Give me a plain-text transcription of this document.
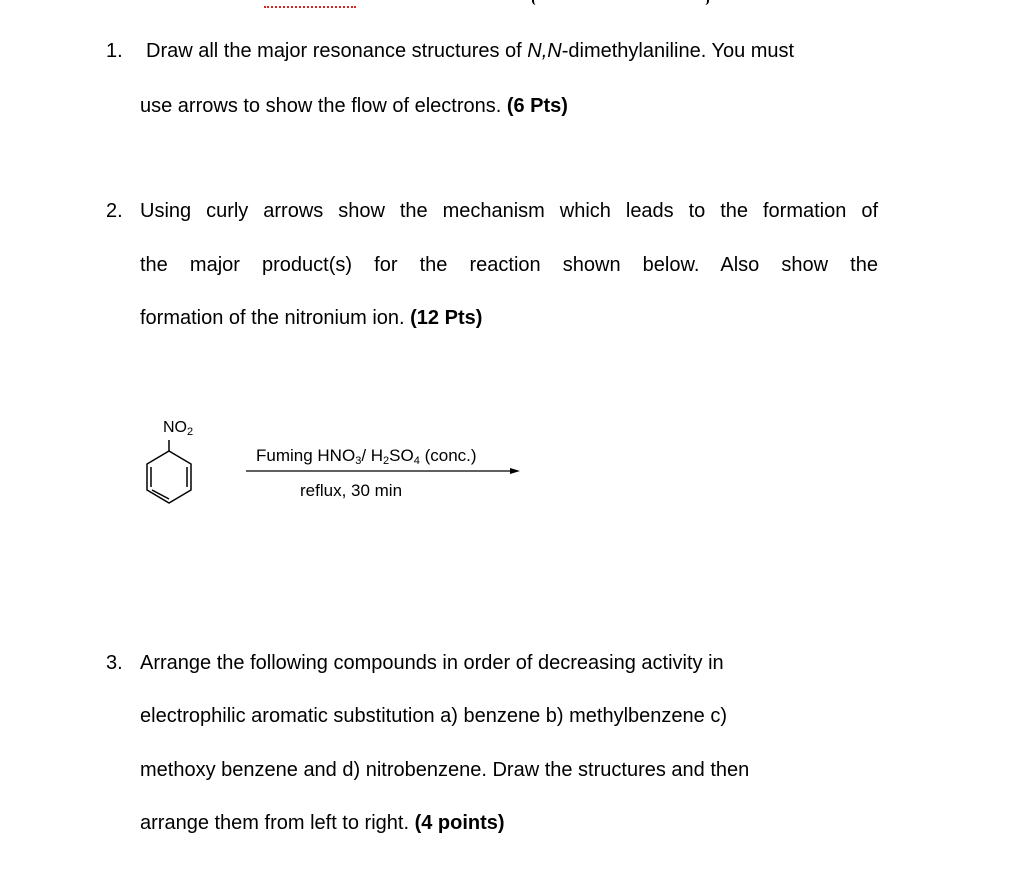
1. Draw all the major resonance structures of N,N-dimethylaniline. You must
use arrows to show the flow of electrons. (6 Pts)
2. Using curly arrows show the mechanism which leads to the formation of
the major product(s) for the reaction shown below. Also show the
formation of the nitronium ion. (12 Pts)
$NO_2$
Fuming $HNO_3/$ $H_2SO_4$ (conc.)
reflux, 30 min
3. Arrange the following compounds in order of decreasing activity in
electrophilic aromatic substitution a) benzene b) methylbenzene c)
methoxy benzene and d) nitrobenzene. Draw the structures and then
arrange them from left to right. (4 points)
